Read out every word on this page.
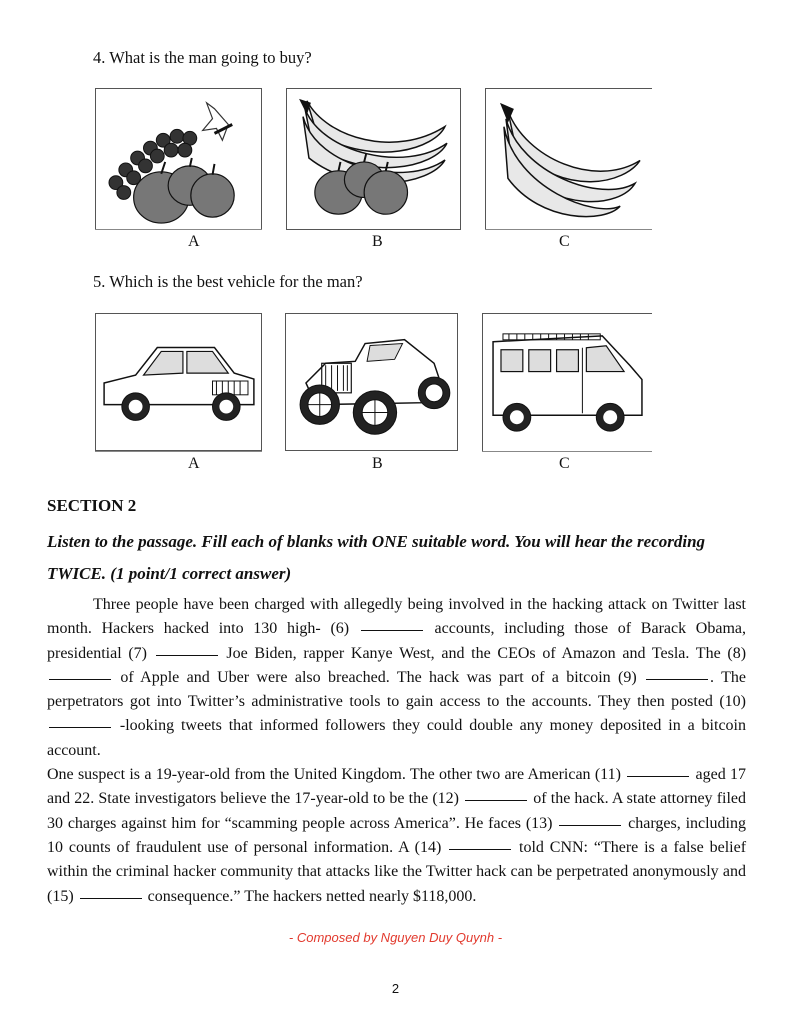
4. What is the man going to buy?
A	B	C
5. Which is the best vehicle for the man?
A	B	C
SECTION 2
Listen to the passage. Fill each of blanks with ONE suitable word. You will hear the recording
TWICE. (1 point/1 correct answer)

Three people have been charged with allegedly being involved in the hacking attack on Twitter last month. Hackers hacked into 130 high- (6)	accounts, including those of Barack Obama, presidential (7)	Joe Biden, rapper Kanye West, and the CEOs of Amazon and Tesla. The (8)  of Apple and Uber were also breached. The hack was part of a bitcoin (9)	. The perpetrators got into Twitter’s administrative tools to gain access to the accounts. They then posted (10)  -looking tweets that informed followers they could double any money deposited in a bitcoin account.

One suspect is a 19-year-old from the United Kingdom. The other two are American (11)	aged 17 and 22. State investigators believe the 17-year-old to be the (12)	of the hack. A state attorney filed 30 charges against him for “scamming people across America”. He faces (13)	charges, including 10 counts of fraudulent use of personal information. A (14)	told CNN: “There is a false belief within the criminal hacker community that attacks like the Twitter hack can be perpetrated anonymously and (15)	consequence.” The hackers netted nearly $118,000.

- Composed by Nguyen Duy Quynh -
2
